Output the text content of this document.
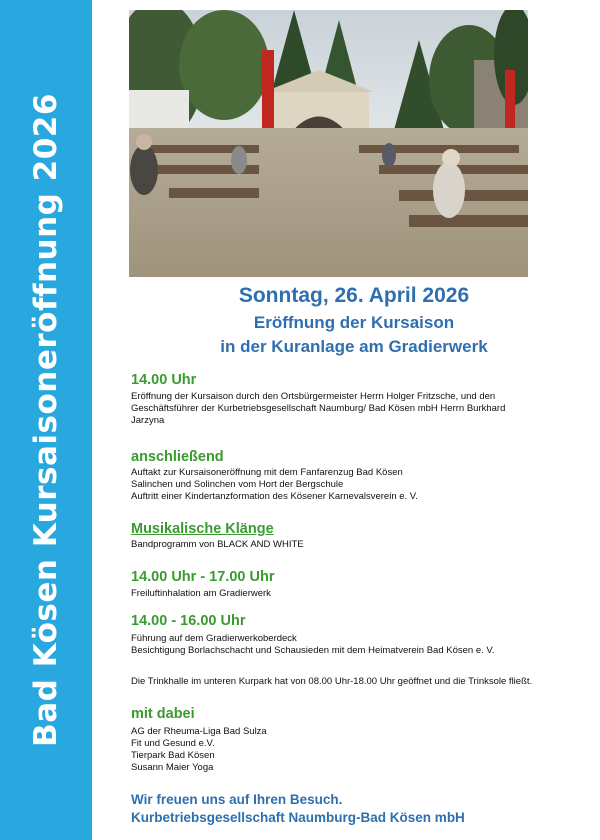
Bad Kösen Kursaisoneröffnung 2026	Sonntag, 26. April 2026
Eröffnung der Kursaison
in der Kuranlage am Gradierwerk
14.00 Uhr
Eröffnung der Kursaison durch den Ortsbürgermeister Herrn Holger Fritzsche, und den
Geschäftsführer der Kurbetriebsgesellschaft Naumburg/ Bad Kösen mbH Herrn Burkhard
Jarzyna
anschließend
Auftakt zur Kursaisoneröffnung mit dem Fanfarenzug Bad Kösen
Salinchen und Solinchen vom Hort der Bergschule
Auftritt einer Kindertanzformation des Kösener Karnevalsverein e. V.
Musikalische Klänge
Bandprogramm von BLACK AND WHITE
14.00 Uhr - 17.00 Uhr
Freiluftinhalation am Gradierwerk
14.00 - 16.00 Uhr
Führung auf dem Gradierwerkoberdeck
Besichtigung Borlachschacht und Schausieden mit dem Heimatverein Bad Kösen e. V.
Die Trinkhalle im unteren Kurpark hat von 08.00 Uhr-18.00 Uhr geöffnet und die Trinksole fließt.
mit dabei
AG der Rheuma-Liga Bad Sulza
Fit und Gesund e.V.
Tierpark Bad Kösen
Susann Maier Yoga
Wir freuen uns auf Ihren Besuch.
Kurbetriebsgesellschaft Naumburg-Bad Kösen mbH
